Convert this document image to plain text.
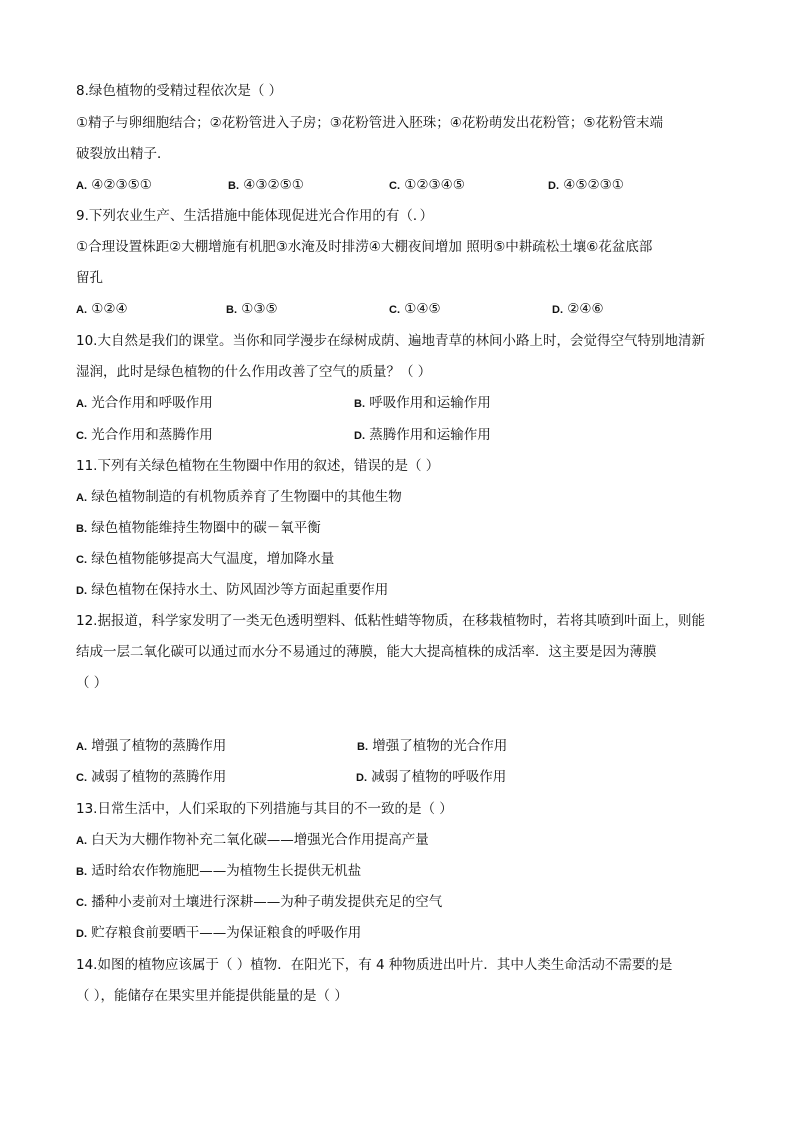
8.绿色植物的受精过程依次是（ ）
①精子与卵细胞结合；②花粉管进入子房；③花粉管进入胚珠；④花粉萌发出花粉管；⑤花粉管末端
破裂放出精子．
A. ④②③⑤①	B. ④③②⑤①	C. ①②③④⑤	D. ④⑤②③①
9.下列农业生产、生活措施中能体现促进光合作用的有（．）
①合理设置株距②大棚增施有机肥③水淹及时排涝④大棚夜间增加 照明⑤中耕疏松土壤⑥花盆底部
留孔
A. ①②④	B. ①③⑤	C. ①④⑤	D. ②④⑥
10.大自然是我们的课堂。当你和同学漫步在绿树成荫、遍地青草的林间小路上时，会觉得空气特别地清新
湿润，此时是绿色植物的什么作用改善了空气的质量？（ ）
A. 光合作用和呼吸作用	B. 呼吸作用和运输作用
C. 光合作用和蒸腾作用	D. 蒸腾作用和运输作用
11.下列有关绿色植物在生物圈中作用的叙述，错误的是（ ）
A. 绿色植物制造的有机物质养育了生物圈中的其他生物
B. 绿色植物能维持生物圈中的碳－氧平衡
C. 绿色植物能够提高大气温度，增加降水量
D. 绿色植物在保持水土、防风固沙等方面起重要作用
12.据报道，科学家发明了一类无色透明塑料、低粘性蜡等物质，在移栽植物时，若将其喷到叶面上，则能
结成一层二氧化碳可以通过而水分不易通过的薄膜，能大大提高植株的成活率．这主要是因为薄膜
（ ）
A. 增强了植物的蒸腾作用	B. 增强了植物的光合作用
C. 减弱了植物的蒸腾作用	D. 减弱了植物的呼吸作用
13.日常生活中，人们采取的下列措施与其目的不一致的是（ ）
A. 白天为大棚作物补充二氧化碳——增强光合作用提高产量
B. 适时给农作物施肥——为植物生长提供无机盐
C. 播种小麦前对土壤进行深耕——为种子萌发提供充足的空气
D. 贮存粮食前要晒干——为保证粮食的呼吸作用
14.如图的植物应该属于（ ）植物．在阳光下，有 4 种物质进出叶片．其中人类生命活动不需要的是
（ ），能储存在果实里并能提供能量的是（ ）
